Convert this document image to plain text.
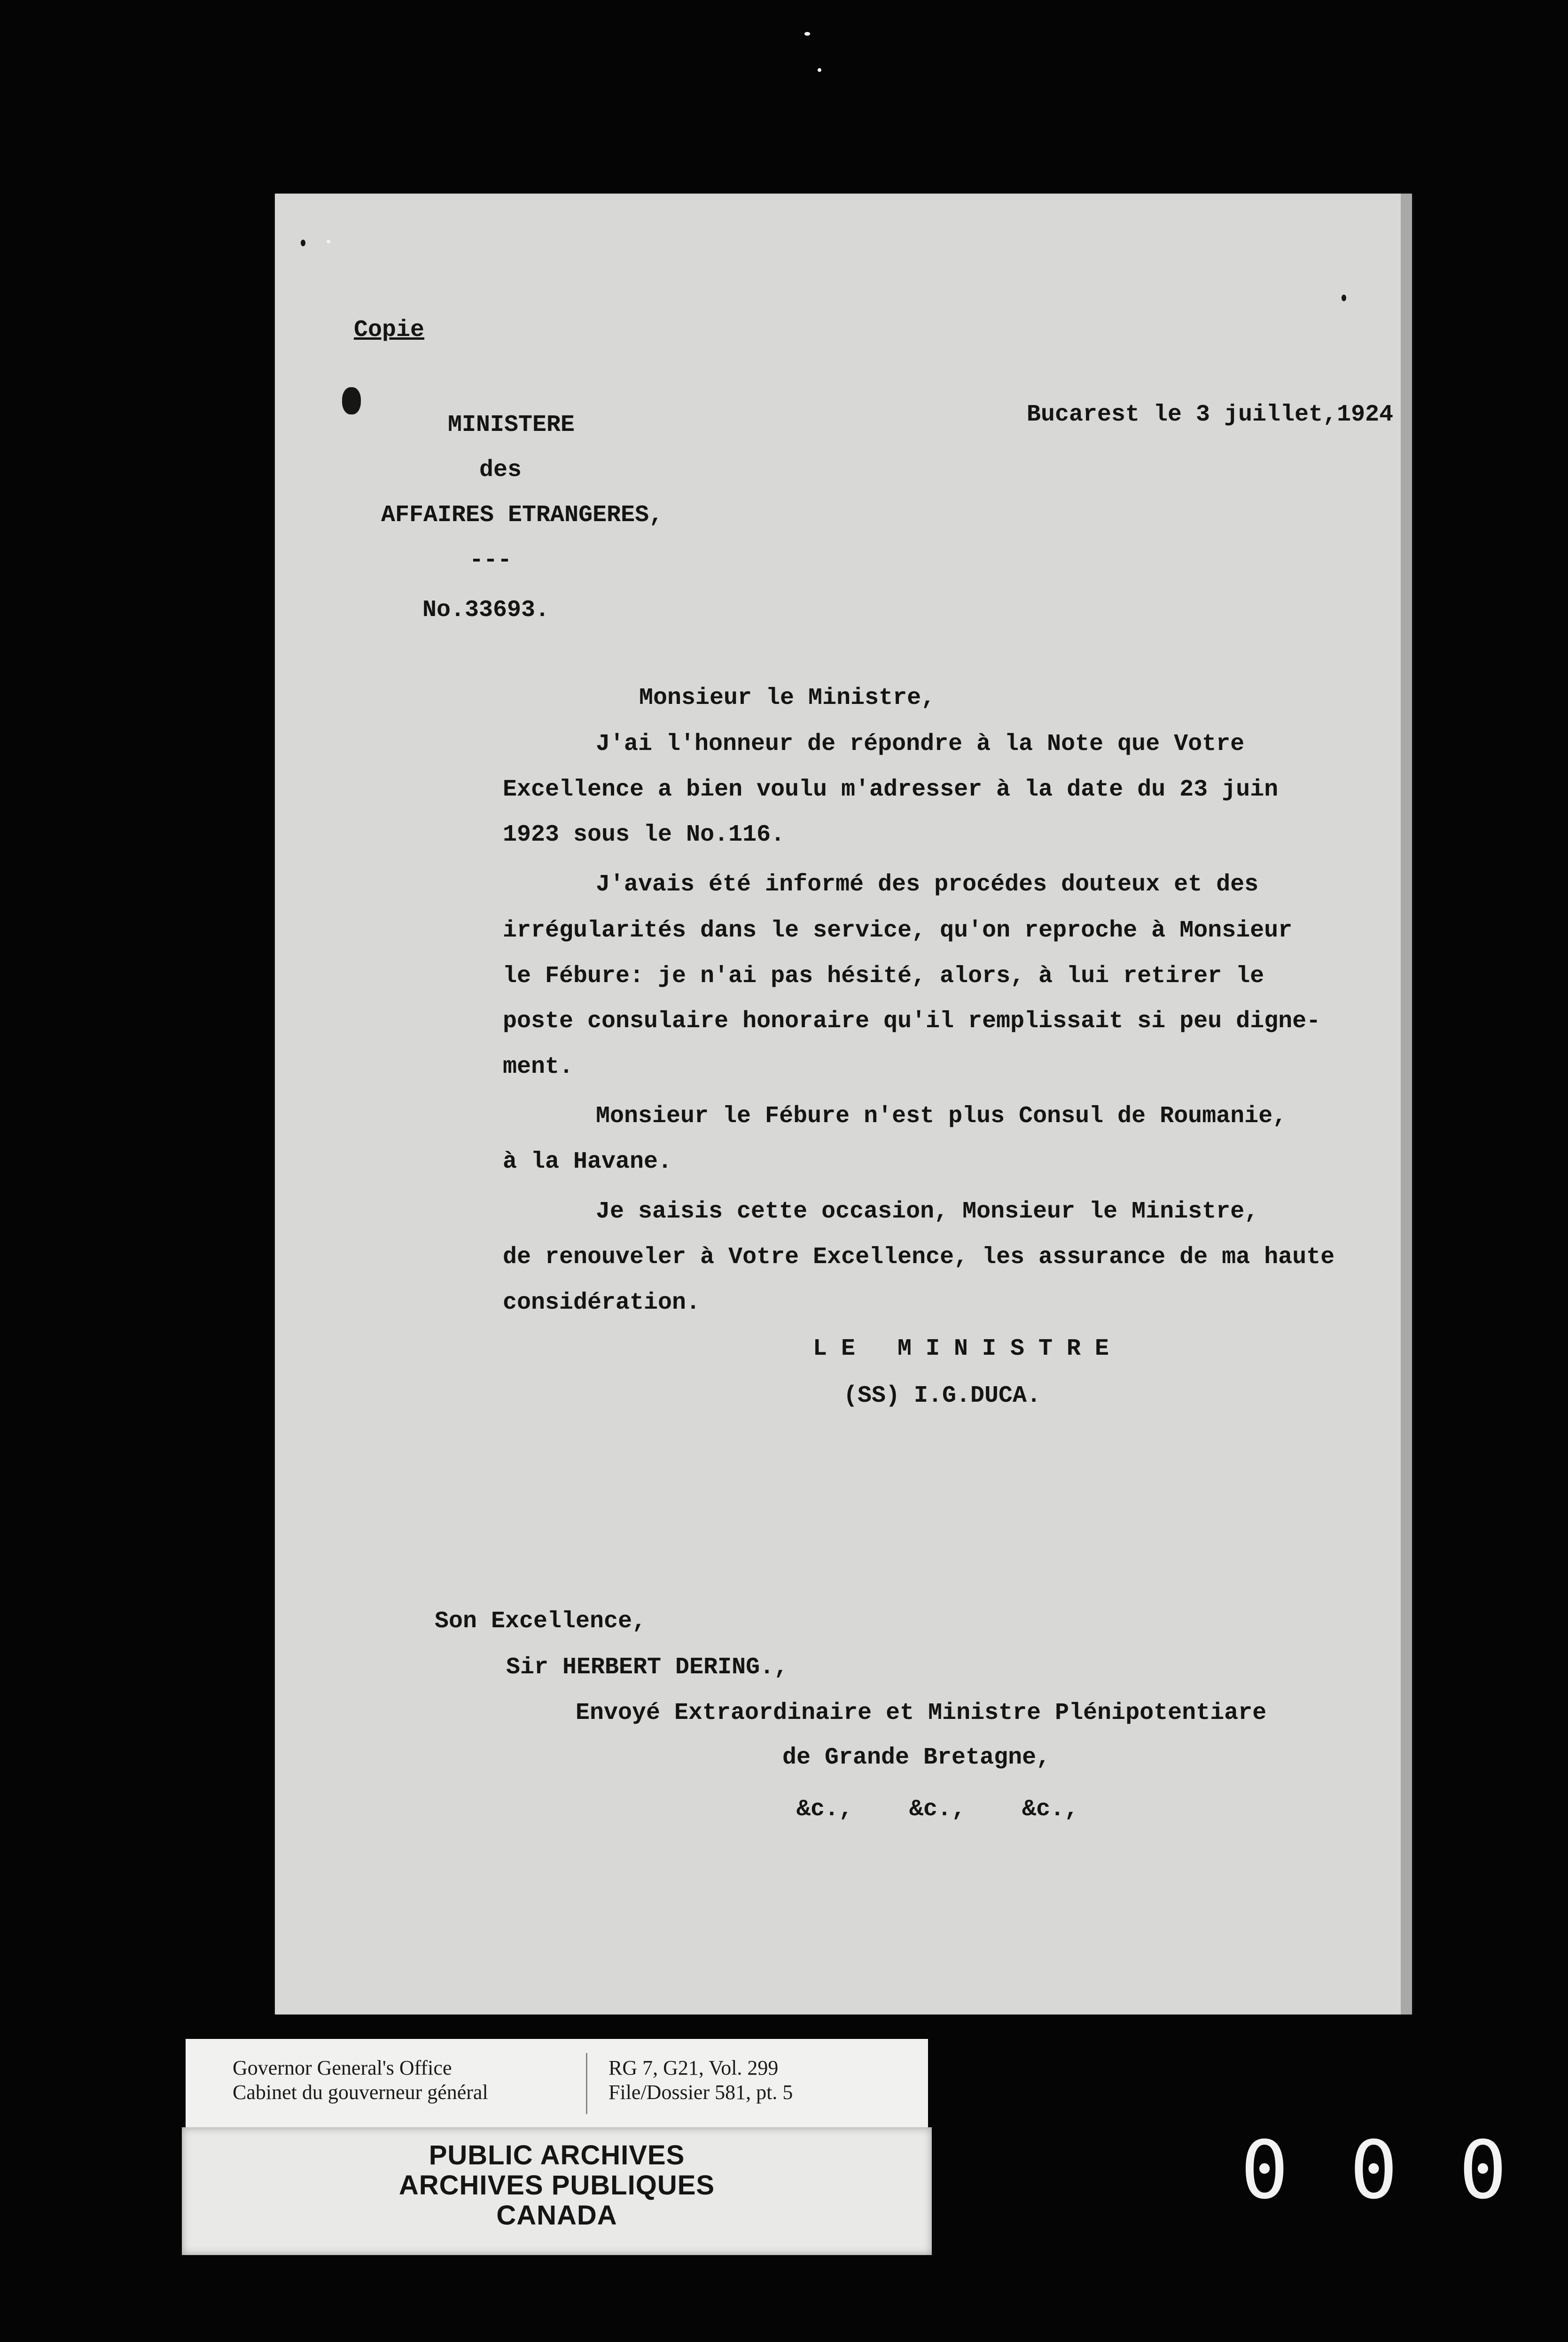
Copie
MINISTERE
des
AFFAIRES ETRANGERES,
---
No.33693.
Bucarest le 3 juillet,1924
Monsieur le Ministre,
J'ai l'honneur de répondre à la Note que Votre
Excellence a bien voulu m'adresser à la date du 23 juin
1923 sous le No.116.
J'avais été informé des procédes douteux et des
irrégularités dans le service, qu'on reproche à Monsieur
le Fébure: je n'ai pas hésité, alors, à lui retirer le
poste consulaire honoraire qu'il remplissait si peu digne-
ment.
Monsieur le Fébure n'est plus Consul de Roumanie,
à la Havane.
Je saisis cette occasion, Monsieur le Ministre,
de renouveler à Votre Excellence, les assurance de ma haute
considération.
LE MINISTRE
(SS) I.G.DUCA.
Son Excellence,
Sir HERBERT DERING.,
Envoyé Extraordinaire et Ministre Plénipotentiare
de Grande Bretagne,
&c.,    &c.,    &c.,
Governor General's Office
Cabinet du gouverneur général
RG 7, G21, Vol. 299
File/Dossier 581, pt. 5
PUBLIC ARCHIVES
ARCHIVES PUBLIQUES
CANADA	000
